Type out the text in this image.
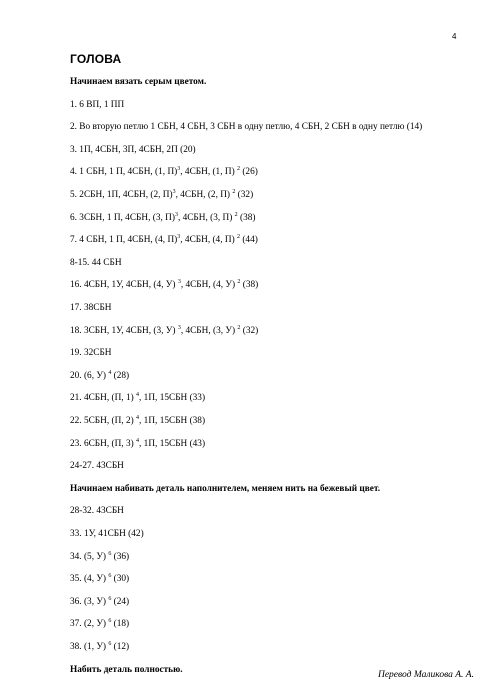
4
ГОЛОВА
Начинаем вязать серым цветом.
1. 6 ВП, 1 ПП
2. Во вторую петлю 1 СБН, 4 СБН, 3 СБН в одну петлю, 4 СБН, 2 СБН в одну петлю (14)
3. 1П, 4СБН, 3П, 4СБН, 2П (20)
4. 1 СБН, 1 П, 4СБН, (1, П)$^3$, 4СБН, (1, П) $^2$ (26)
5. 2СБН, 1П, 4СБН, (2, П)$^3$, 4СБН, (2, П) $^2$ (32)
6. 3СБН, 1 П, 4СБН, (3, П)$^3$, 4СБН, (3, П) $^2$ (38)
7. 4 СБН, 1 П, 4СБН, (4, П)$^3$, 4СБН, (4, П) $^2$ (44)
8-15. 44 СБН
16. 4СБН, 1У, 4СБН, (4, У) $^3$, 4СБН, (4, У) $^2$ (38)
17. 38СБН
18. 3СБН, 1У, 4СБН, (3, У) $^3$, 4СБН, (3, У) $^2$ (32)
19. 32СБН
20. (6, У) $^4$ (28)
21. 4СБН, (П, 1) $^4$, 1П, 15СБН (33)
22. 5СБН, (П, 2) $^4$, 1П, 15СБН (38)
23. 6СБН, (П, 3) $^4$, 1П, 15СБН (43)
24-27. 43СБН
Начинаем набивать деталь наполнителем, меняем нить на бежевый цвет.
28-32. 43СБН
33. 1У, 41СБН (42)
34. (5, У) $^6$ (36)
35. (4, У) $^6$ (30)
36. (3, У) $^6$ (24)
37. (2, У) $^6$ (18)
38. (1, У) $^6$ (12)
Набить деталь полностью.
Перевод Маликова А. А.
